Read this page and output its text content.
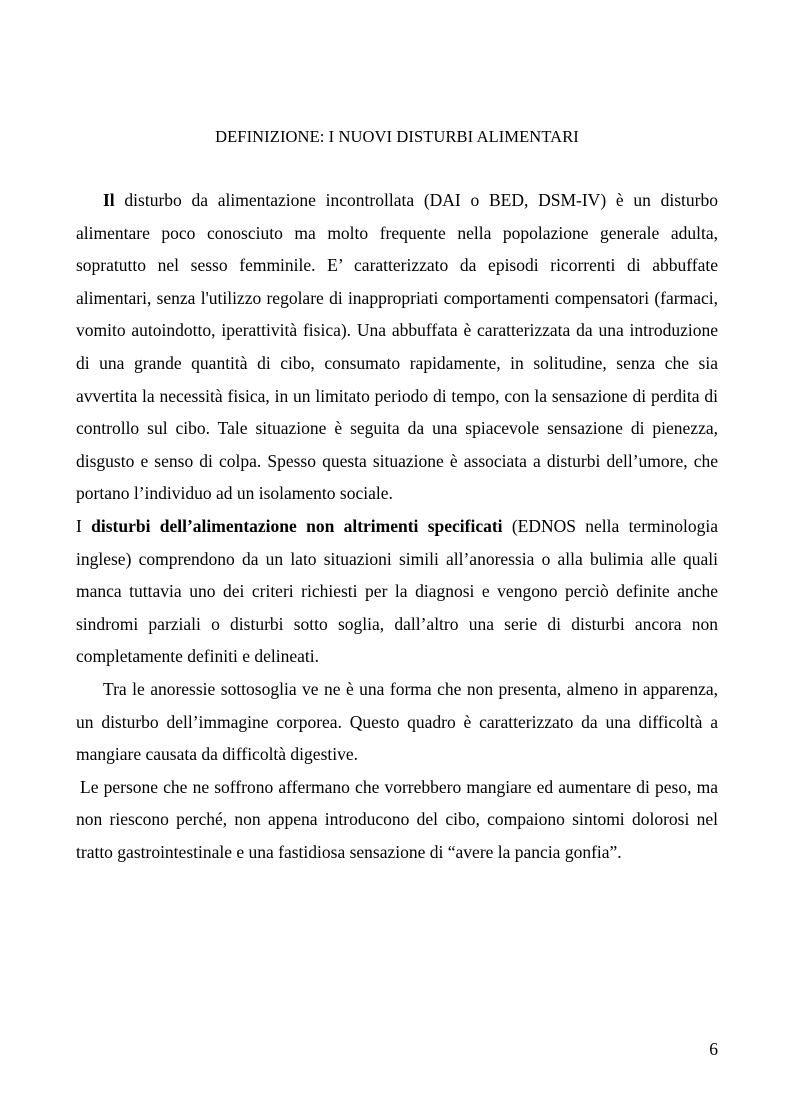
DEFINIZIONE: I NUOVI DISTURBI ALIMENTARI

Il disturbo da alimentazione incontrollata (DAI o BED, DSM-IV) è un disturbo alimentare poco conosciuto ma molto frequente nella popolazione generale adulta, sopratutto nel sesso femminile. E’ caratterizzato da episodi ricorrenti di abbuffate alimentari, senza l'utilizzo regolare di inappropriati comportamenti compensatori (farmaci, vomito autoindotto, iperattività fisica). Una abbuffata è caratterizzata da una introduzione di una grande quantità di cibo, consumato rapidamente, in solitudine, senza che sia avvertita la necessità fisica, in un limitato periodo di tempo, con la sensazione di perdita di controllo sul cibo. Tale situazione è seguita da una spiacevole sensazione di pienezza, disgusto e senso di colpa. Spesso questa situazione è associata a disturbi dell’umore, che portano l’individuo ad un isolamento sociale.

I disturbi dell’alimentazione non altrimenti specificati (EDNOS nella terminologia inglese) comprendono da un lato situazioni simili all’anoressia o alla bulimia alle quali manca tuttavia uno dei criteri richiesti per la diagnosi e vengono perciò definite anche sindromi parziali o disturbi sotto soglia, dall’altro una serie di disturbi ancora non completamente definiti e delineati.

Tra le anoressie sottosoglia ve ne è una forma che non presenta, almeno in apparenza, un disturbo dell’immagine corporea. Questo quadro è caratterizzato da una difficoltà a mangiare causata da difficoltà digestive.

Le persone che ne soffrono affermano che vorrebbero mangiare ed aumentare di peso, ma non riescono perché, non appena introducono del cibo, compaiono sintomi dolorosi nel tratto gastrointestinale e una fastidiosa sensazione di “avere la pancia gonfia”.

6
